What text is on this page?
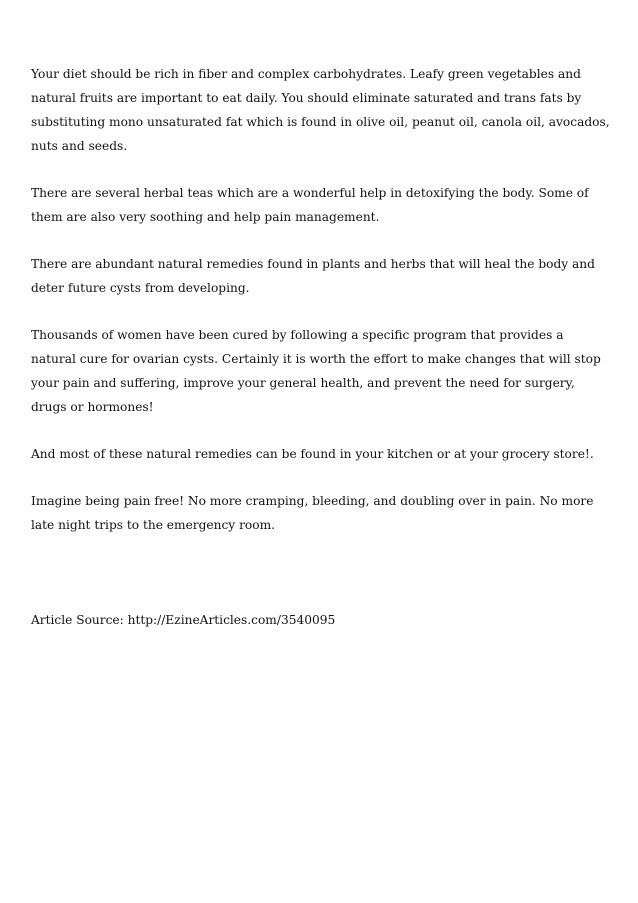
Your diet should be rich in fiber and complex carbohydrates. Leafy green vegetables and natural fruits are important to eat daily. You should eliminate saturated and trans fats by substituting mono unsaturated fat which is found in olive oil, peanut oil, canola oil, avocados, nuts and seeds.

There are several herbal teas which are a wonderful help in detoxifying the body. Some of them are also very soothing and help pain management.

There are abundant natural remedies found in plants and herbs that will heal the body and deter future cysts from developing.

Thousands of women have been cured by following a specific program that provides a natural cure for ovarian cysts. Certainly it is worth the effort to make changes that will stop your pain and suffering, improve your general health, and prevent the need for surgery, drugs or hormones!

And most of these natural remedies can be found in your kitchen or at your grocery store!.

Imagine being pain free! No more cramping, bleeding, and doubling over in pain. No more late night trips to the emergency room.

Article Source: http://EzineArticles.com/3540095
